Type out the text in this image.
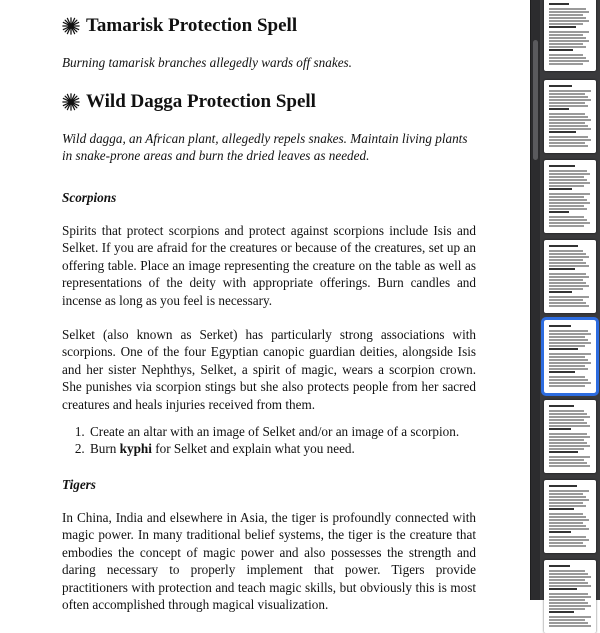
Tamarisk Protection Spell

Burning tamarisk branches allegedly wards off snakes.

Wild Dagga Protection Spell

Wild dagga, an African plant, allegedly repels snakes. Maintain living plants in snake-prone areas and burn the dried leaves as needed.

Scorpions

Spirits that protect scorpions and protect against scorpions include Isis and Selket. If you are afraid for the creatures or because of the creatures, set up an offering table. Place an image representing the creature on the table as well as representations of the deity with appropriate offerings. Burn candles and incense as long as you feel is necessary.

Selket (also known as Serket) has particularly strong associations with scorpions. One of the four Egyptian canopic guardian deities, alongside Isis and her sister Nephthys, Selket, a spirit of magic, wears a scorpion crown. She punishes via scorpion stings but she also protects people from her sacred creatures and heals injuries received from them.

1. Create an altar with an image of Selket and/or an image of a scorpion.
2. Burn kyphi for Selket and explain what you need.
Tigers

In China, India and elsewhere in Asia, the tiger is profoundly connected with magic power. In many traditional belief systems, the tiger is the creature that embodies the concept of magic power and also possesses the strength and daring necessary to properly implement that power. Tigers provide practitioners with protection and teach magic skills, but obviously this is most often accomplished through magical visualization.
